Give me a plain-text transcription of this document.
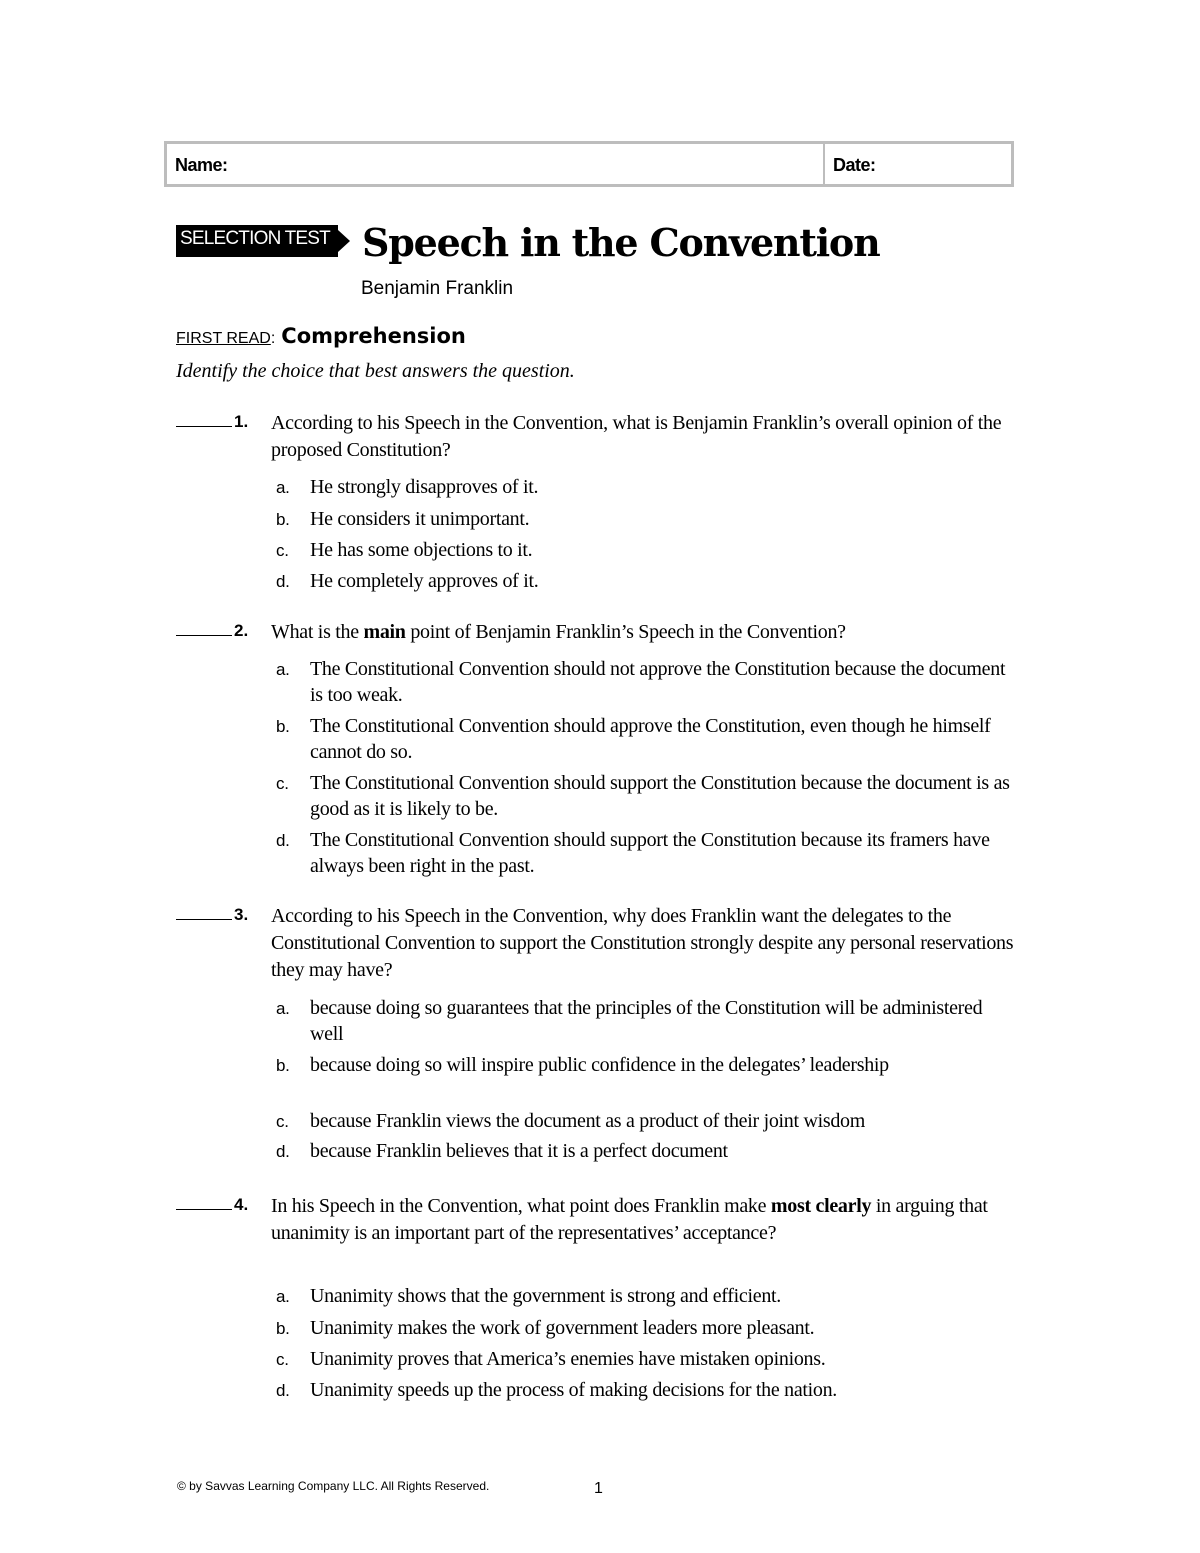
Name:	Date:
SELECTION TEST Speech in the Convention
Benjamin Franklin
FIRST READ: Comprehension
Identify the choice that best answers the question.
1. According to his Speech in the Convention, what is Benjamin Franklin’s overall opinion of the proposed Constitution?
a. He strongly disapproves of it.
b. He considers it unimportant.
c. He has some objections to it.
d. He completely approves of it.
2. What is the main point of Benjamin Franklin’s Speech in the Convention?
a. The Constitutional Convention should not approve the Constitution because the document is too weak.
b. The Constitutional Convention should approve the Constitution, even though he himself cannot do so.
c. The Constitutional Convention should support the Constitution because the document is as good as it is likely to be.
d. The Constitutional Convention should support the Constitution because its framers have always been right in the past.
3. According to his Speech in the Convention, why does Franklin want the delegates to the Constitutional Convention to support the Constitution strongly despite any personal reservations they may have?
a. because doing so guarantees that the principles of the Constitution will be administered well
b. because doing so will inspire public confidence in the delegates’ leadership
c. because Franklin views the document as a product of their joint wisdom
d. because Franklin believes that it is a perfect document
4. In his Speech in the Convention, what point does Franklin make most clearly in arguing that unanimity is an important part of the representatives’ acceptance?
a. Unanimity shows that the government is strong and efficient.
b. Unanimity makes the work of government leaders more pleasant.
c. Unanimity proves that America’s enemies have mistaken opinions.
d. Unanimity speeds up the process of making decisions for the nation.
© by Savvas Learning Company LLC. All Rights Reserved.	1
